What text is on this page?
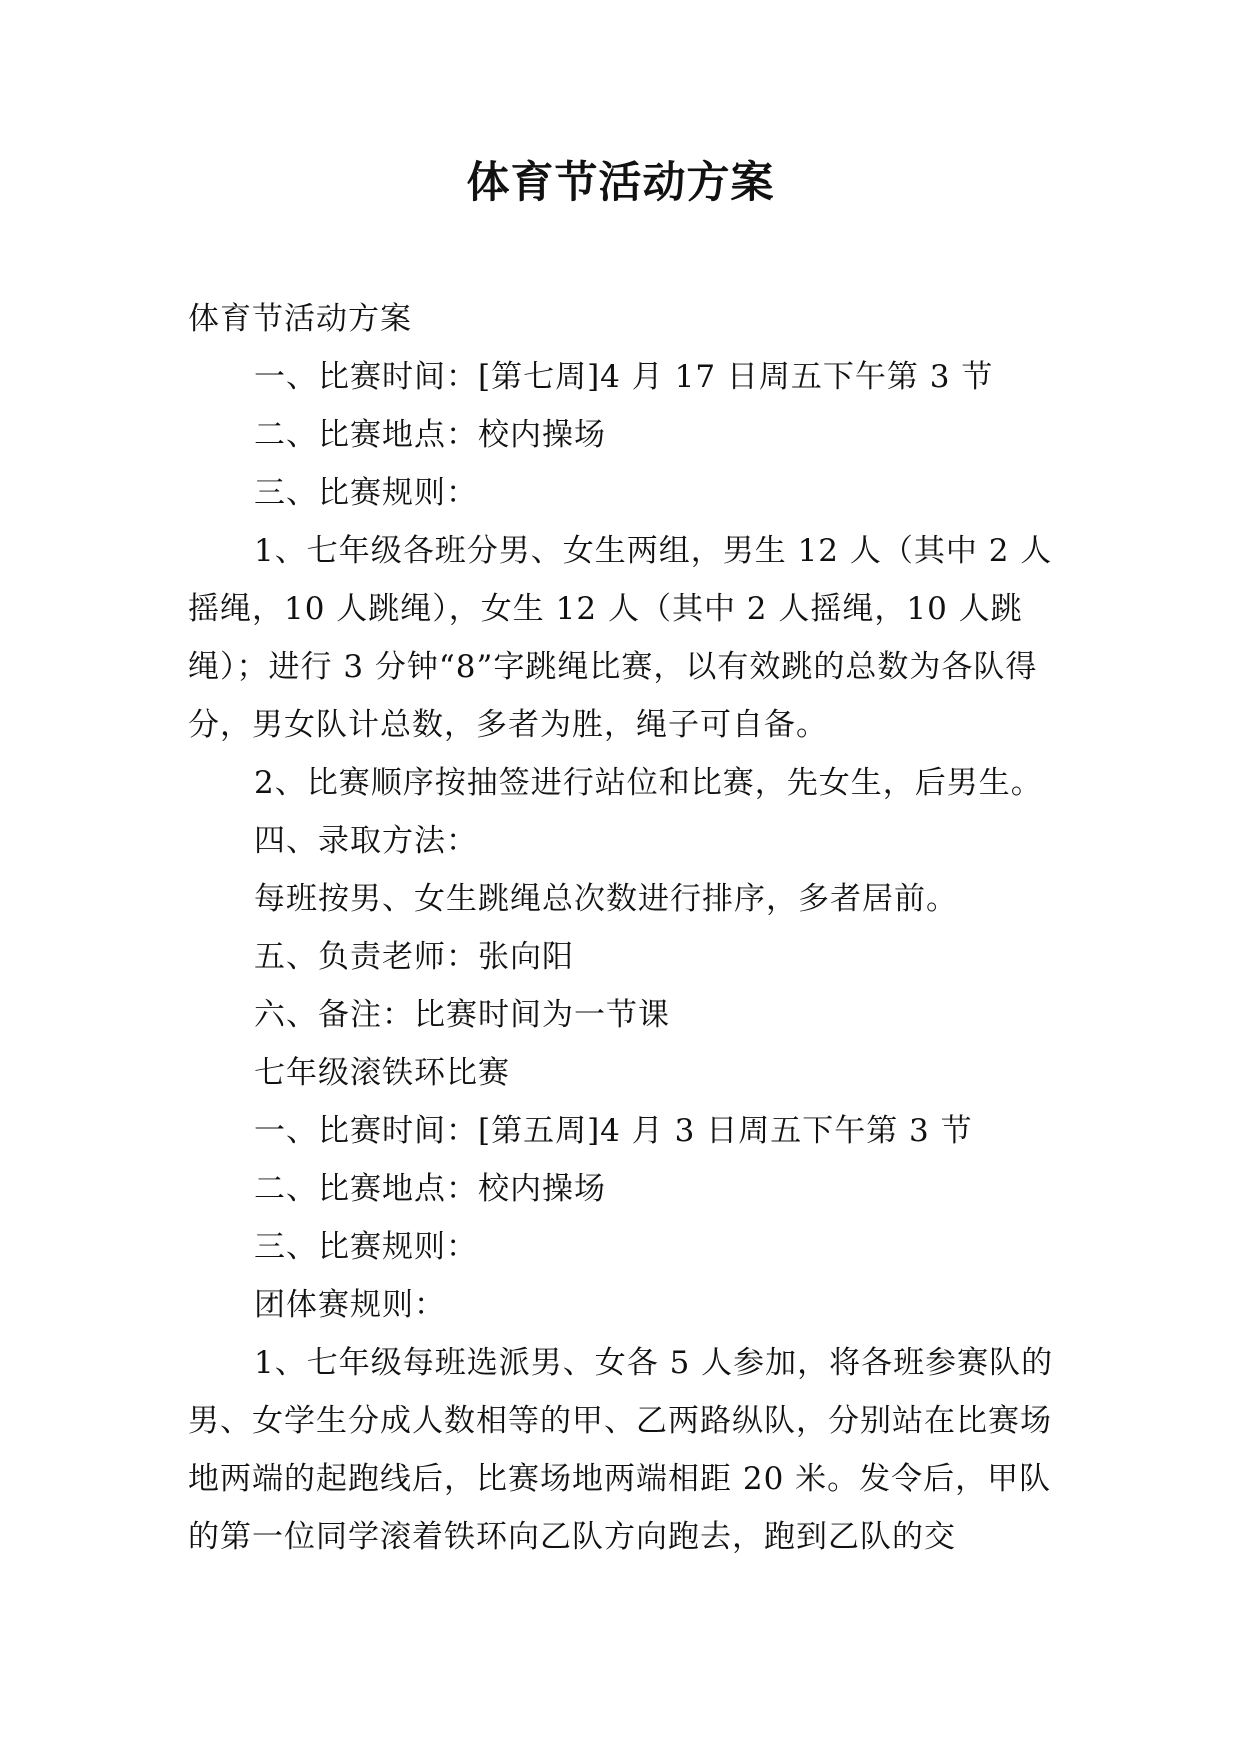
体育节活动方案

体育节活动方案

一、比赛时间：[第七周]4 月 17 日周五下午第 3 节

二、比赛地点：校内操场

三、比赛规则：

1、七年级各班分男、女生两组，男生 12 人（其中 2 人摇绳，10 人跳绳），女生 12 人（其中 2 人摇绳，10 人跳绳）；进行 3 分钟“8”字跳绳比赛，以有效跳的总数为各队得分，男女队计总数，多者为胜，绳子可自备。

2、比赛顺序按抽签进行站位和比赛，先女生，后男生。

四、录取方法：

每班按男、女生跳绳总次数进行排序，多者居前。

五、负责老师：张向阳

六、备注：比赛时间为一节课

七年级滚铁环比赛

一、比赛时间：[第五周]4 月 3 日周五下午第 3 节

二、比赛地点：校内操场

三、比赛规则：

团体赛规则：

1、七年级每班选派男、女各 5 人参加，将各班参赛队的男、女学生分成人数相等的甲、乙两路纵队，分别站在比赛场地两端的起跑线后，比赛场地两端相距 20 米。发令后，甲队的第一位同学滚着铁环向乙队方向跑去，跑到乙队的交
